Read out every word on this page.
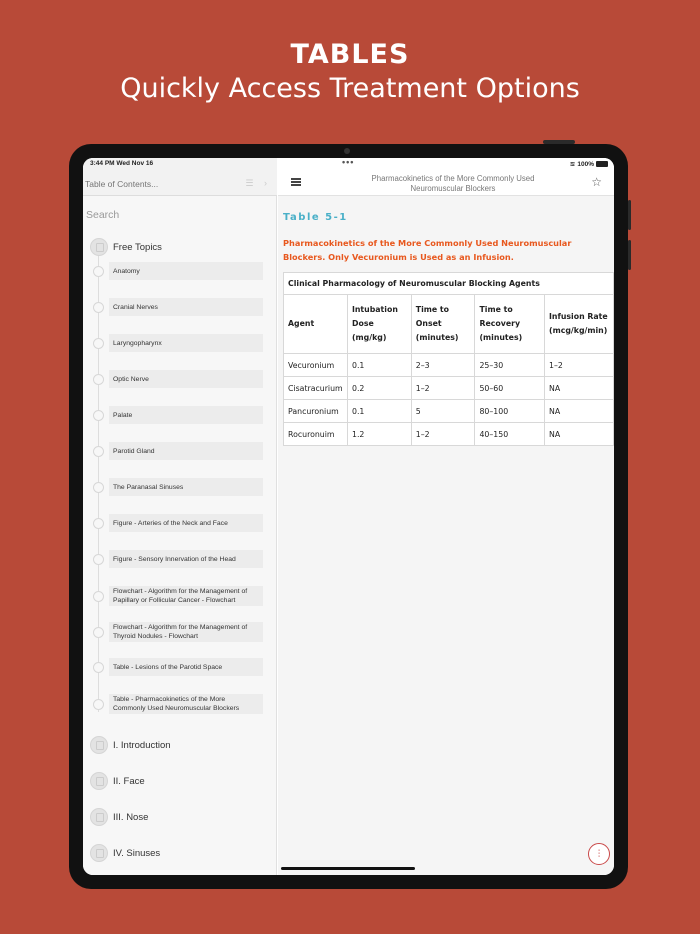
TABLES
Quickly Access Treatment Options
Table of Contents...
☰ ›
Search
Free Topics
Anatomy
Cranial Nerves
Laryngopharynx
Optic Nerve
Palate
Parotid Gland
The Paranasal Sinuses
Figure - Arteries of the Neck and Face
Figure - Sensory Innervation of the Head
Flowchart - Algorithm for the Management of Papillary or Follicular Cancer - Flowchart
Flowchart - Algorithm for the Management of Thyroid Nodules - Flowchart
Table - Lesions of the Parotid Space
Table - Pharmacokinetics of the More Commonly Used Neuromuscular Blockers
I. Introduction
II. Face
III. Nose
IV. Sinuses
Pharmacokinetics of the More Commonly Used Neuromuscular Blockers	☆
Table 5-1
Pharmacokinetics of the More Commonly Used Neuromuscular Blockers. Only Vecuronium is Used as an Infusion.
Clinical Pharmacology of Neuromuscular Blocking Agents				
Agent	Intubation Dose (mg/kg)	Time to Onset (minutes)	Time to Recovery (minutes)	Infusion Rate (mcg/kg/min)
Vecuronium	0.1	2–3	25–30	1–2
Cisatracurium	0.2	1–2	50–60	NA
Pancuronium	0.1	5	80–100	NA
Rocuronuim	1.2	1–2	40–150	NA
⫶
3:44 PM Wed Nov 16	•••	≋ 100%
